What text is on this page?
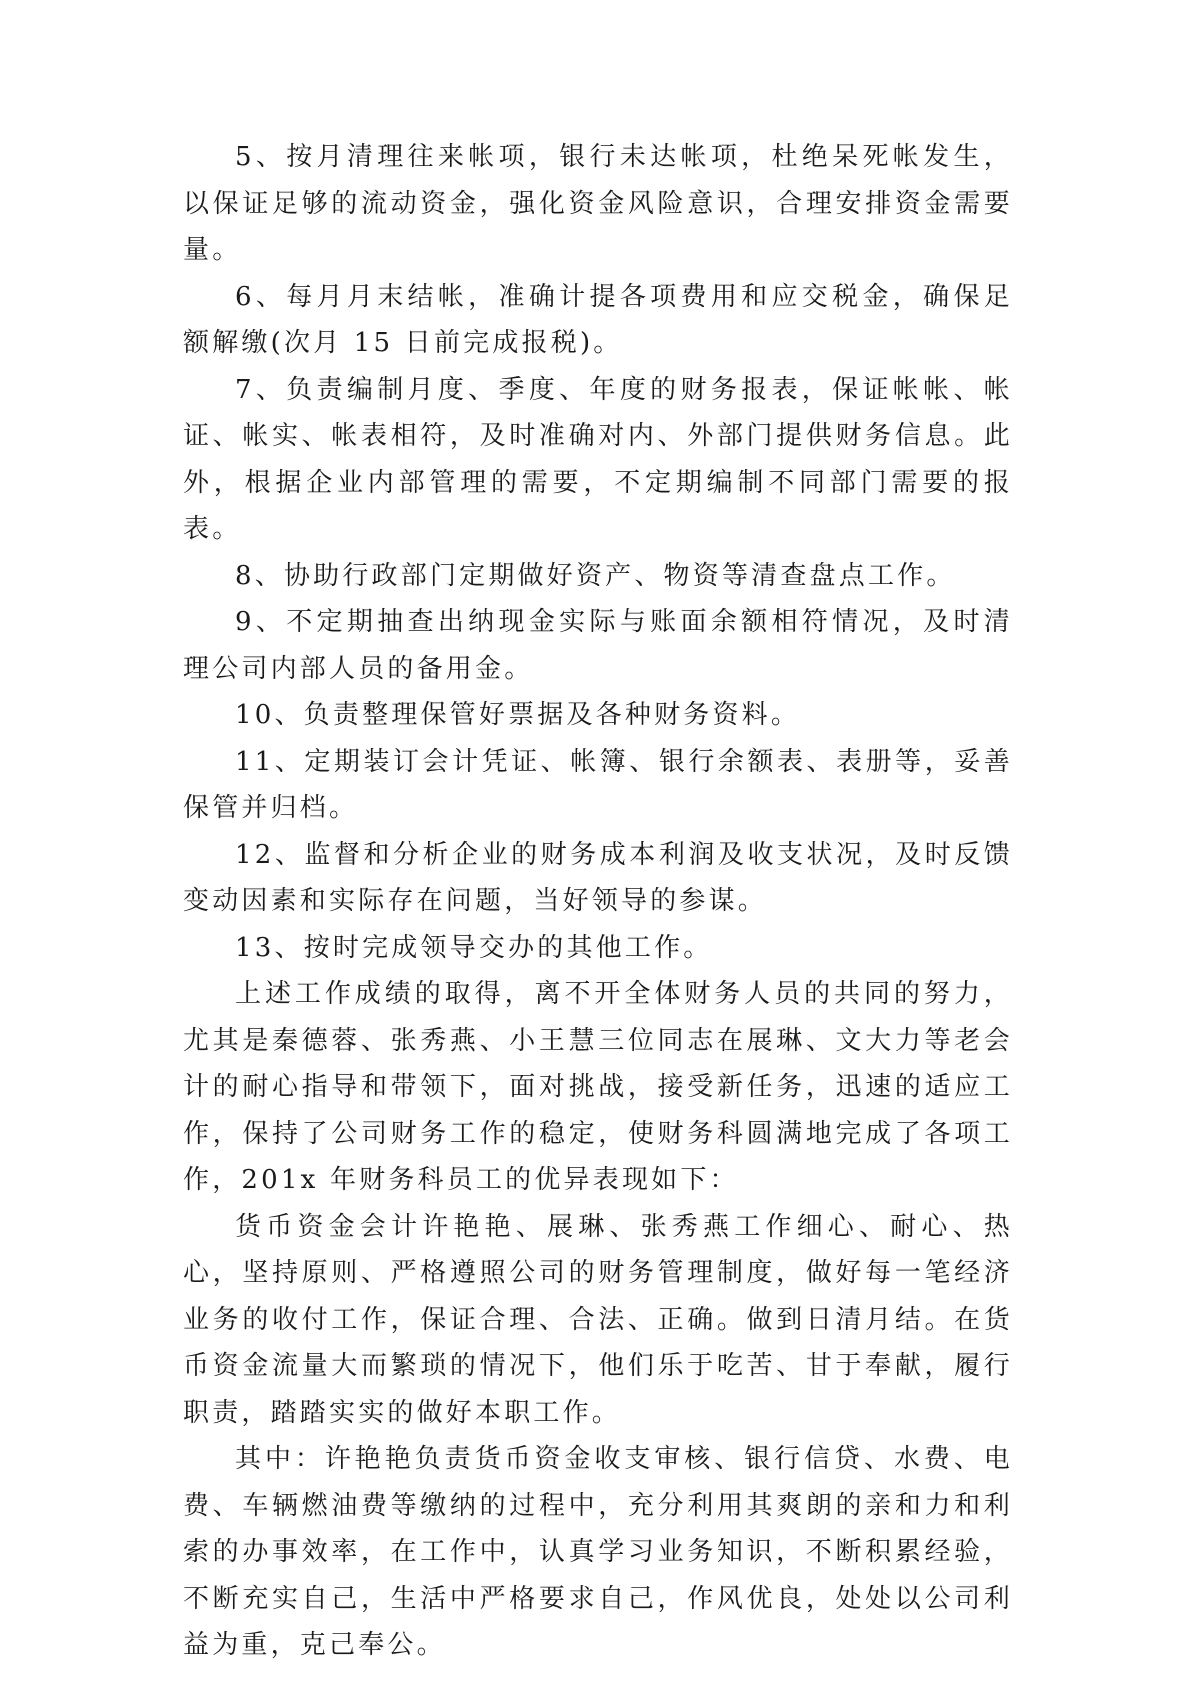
5、按月清理往来帐项，银行未达帐项，杜绝呆死帐发生，以保证足够的流动资金，强化资金风险意识，合理安排资金需要量。

6、每月月末结帐，准确计提各项费用和应交税金，确保足额解缴(次月 15 日前完成报税)。

7、负责编制月度、季度、年度的财务报表，保证帐帐、帐证、帐实、帐表相符，及时准确对内、外部门提供财务信息。此外，根据企业内部管理的需要，不定期编制不同部门需要的报表。

8、协助行政部门定期做好资产、物资等清查盘点工作。

9、不定期抽查出纳现金实际与账面余额相符情况，及时清理公司内部人员的备用金。

10、负责整理保管好票据及各种财务资料。

11、定期装订会计凭证、帐簿、银行余额表、表册等，妥善保管并归档。

12、监督和分析企业的财务成本利润及收支状况，及时反馈变动因素和实际存在问题，当好领导的参谋。

13、按时完成领导交办的其他工作。

上述工作成绩的取得，离不开全体财务人员的共同的努力，尤其是秦德蓉、张秀燕、小王慧三位同志在展琳、文大力等老会计的耐心指导和带领下，面对挑战，接受新任务，迅速的适应工作，保持了公司财务工作的稳定，使财务科圆满地完成了各项工作，201x 年财务科员工的优异表现如下：

货币资金会计许艳艳、展琳、张秀燕工作细心、耐心、热心，坚持原则、严格遵照公司的财务管理制度，做好每一笔经济业务的收付工作，保证合理、合法、正确。做到日清月结。在货币资金流量大而繁琐的情况下，他们乐于吃苦、甘于奉献，履行职责，踏踏实实的做好本职工作。

其中：许艳艳负责货币资金收支审核、银行信贷、水费、电费、车辆燃油费等缴纳的过程中，充分利用其爽朗的亲和力和利索的办事效率，在工作中，认真学习业务知识，不断积累经验，不断充实自己，生活中严格要求自己，作风优良，处处以公司利益为重，克己奉公。
